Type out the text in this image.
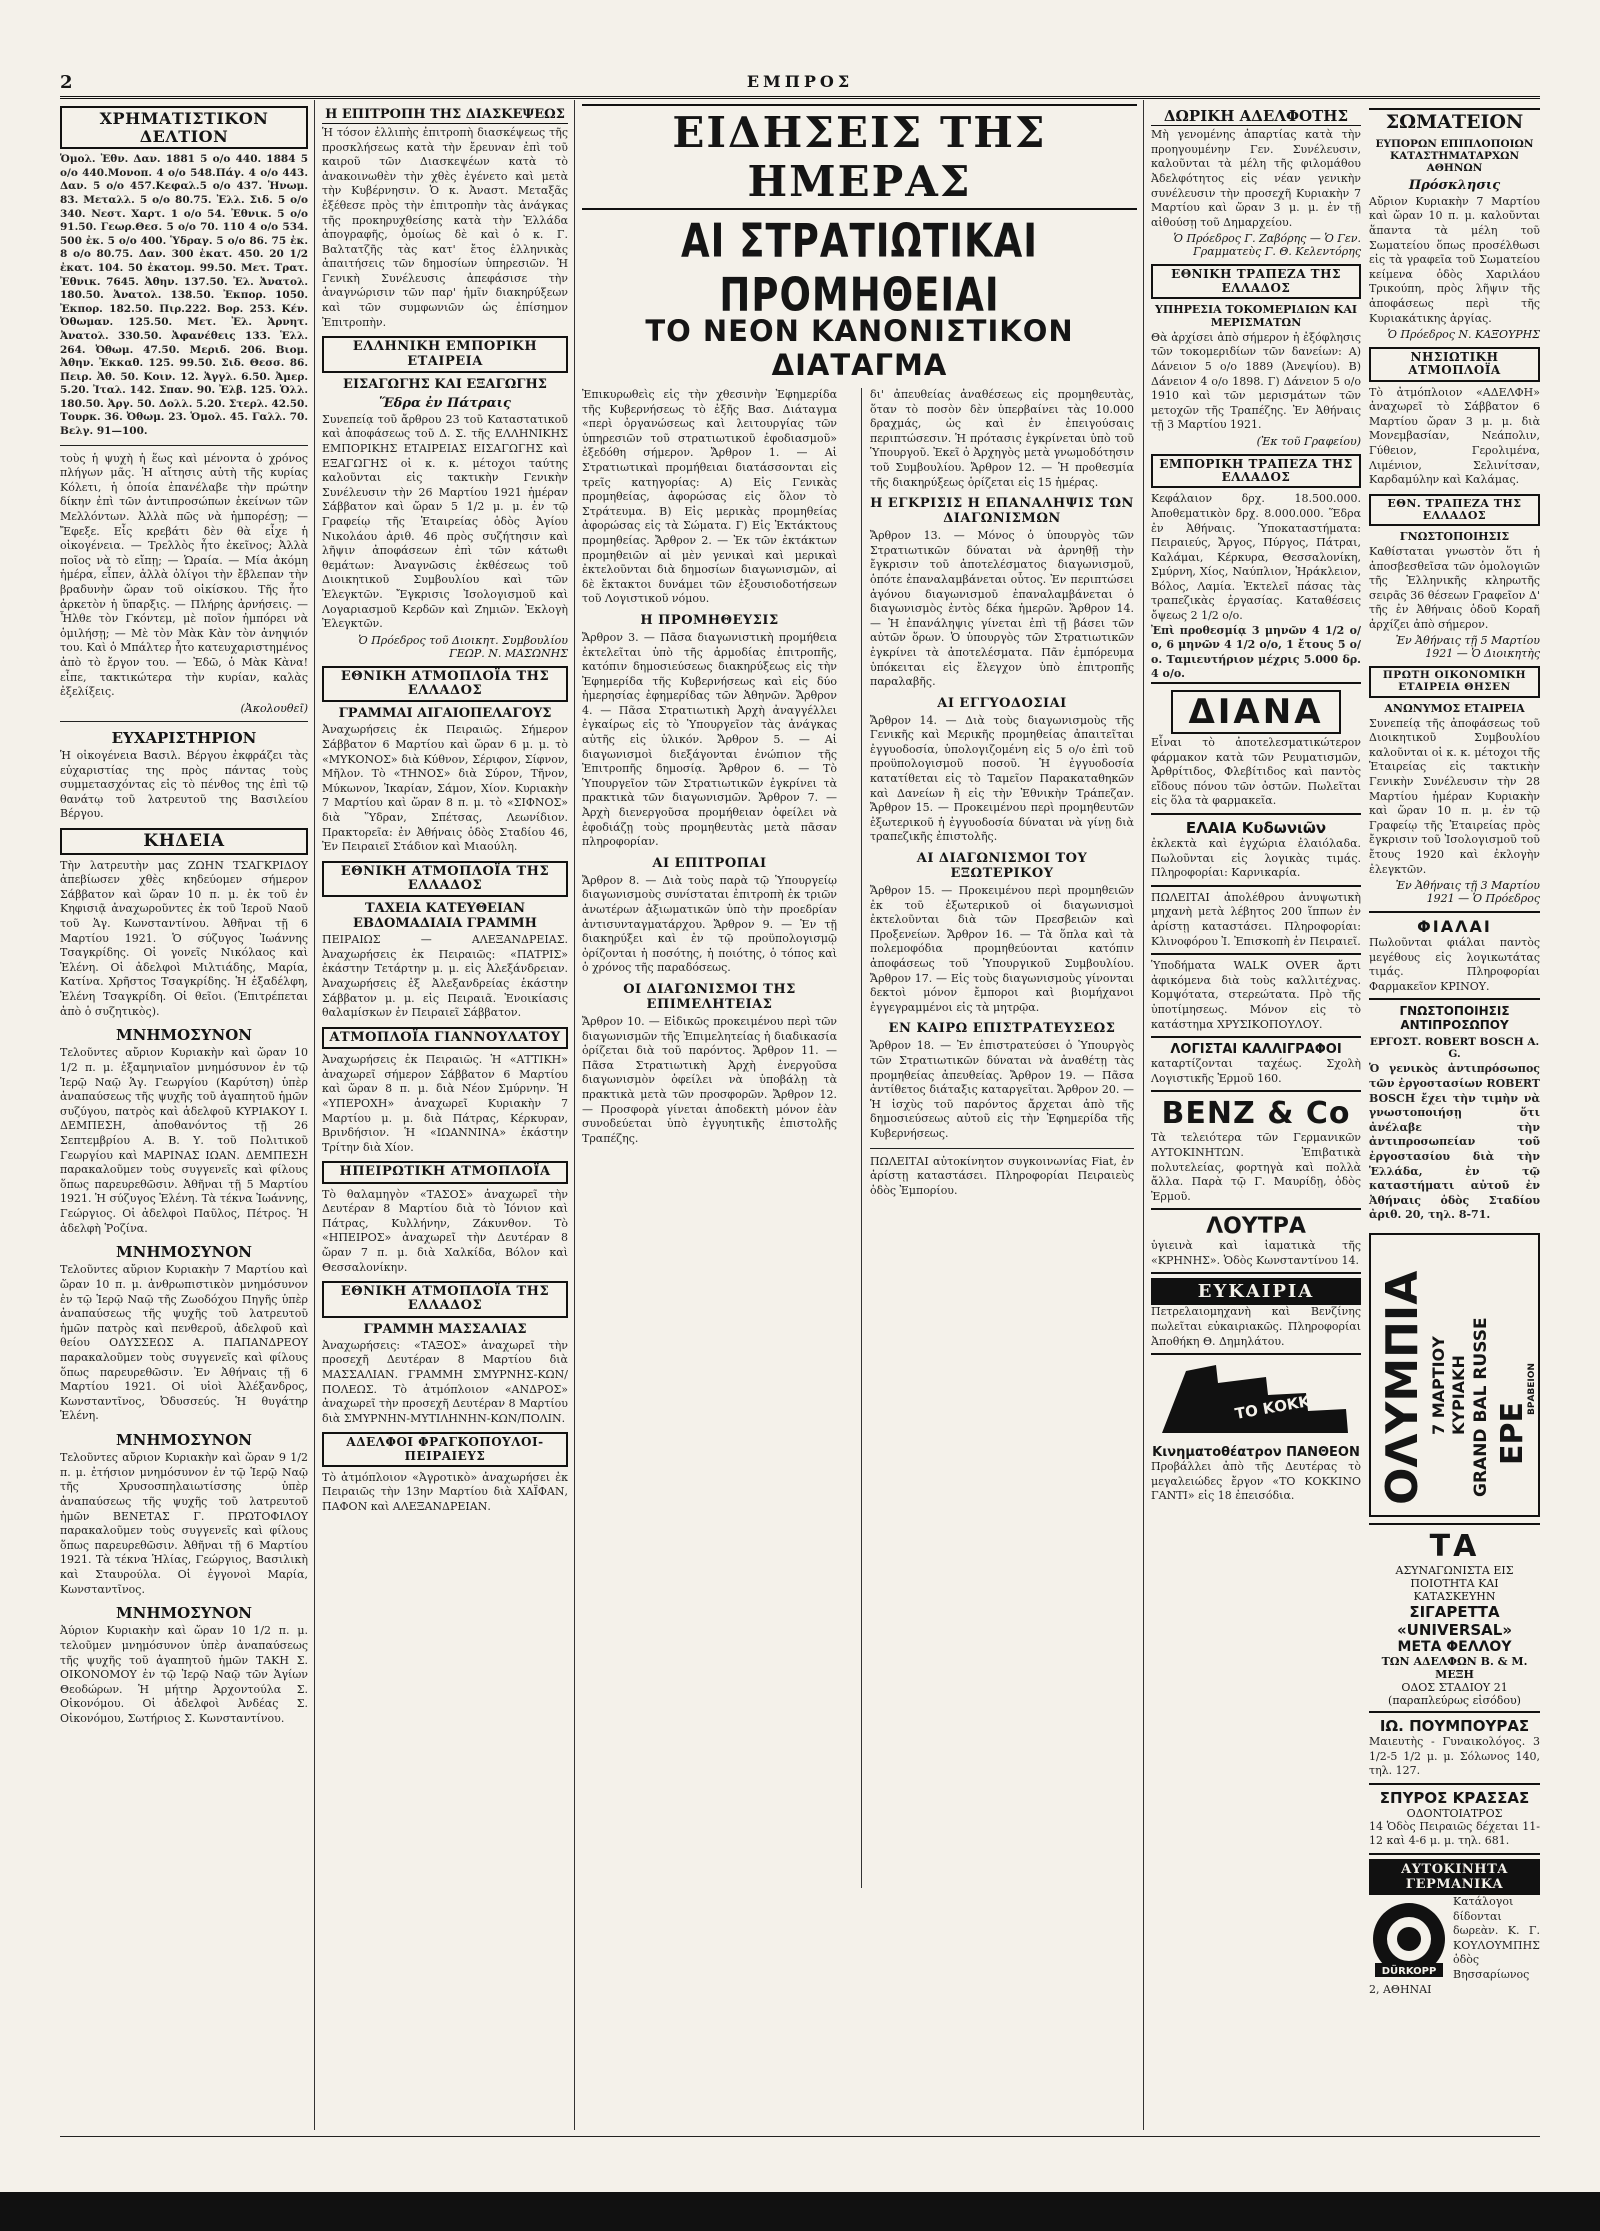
2	ΕΜΠΡΟΣ
ΧΡΗΜΑΤΙΣΤΙΚΟΝ ΔΕΛΤΙΟΝ

Ὁμολ. Ἐθν. Δαν. 1881 5 ο/ο 440. 1884 5 ο/ο 440.Μονοπ. 4 ο/ο 548.Πάγ. 4 ο/ο 443. Δαν. 5 ο/ο 457.Κεφαλ.5 ο/ο 437. Ἡνωμ. 83. Μεταλλ. 5 ο/ο 80.75. Ἐλλ. Σιδ. 5 ο/ο 340. Νεστ. Χαρτ. 1 ο/ο 54. Ἐθνικ. 5 ο/ο 91.50. Γεωρ.Θεσ. 5 ο/ο 70. 110 4 ο/ο 534. 500 ἐκ. 5 ο/ο 400. Ὑδραγ. 5 ο/ο 86. 75 ἐκ. 8 ο/ο 80.75. Δαν. 300 ἐκατ. 450. 20 1/2 ἐκατ. 104. 50 ἐκατομ. 99.50. Μετ. Τρατ. Ἐθνικ. 7645. Ἀθην. 137.50. Ἐλ. Ἀνατολ. 180.50. Ἀνατολ. 138.50. Ἐκπορ. 1050. Ἐκπορ. 182.50. Πιρ.222. Βορ. 253. Κέν. Ὀθωμαν. 125.50. Μετ. Ἐλ. Ἀρνητ. Ἀνατολ. 330.50. Ἀφανέθεις 133. Ἑλλ. 264. Ὀθωμ. 47.50. Μεριδ. 206. Βιομ. Ἀθην. Ἐκκαθ. 125. 99.50. Σιδ. Θεσσ. 86. Πειρ. Ἀθ. 50. Κοιν. 12. Ἀγγλ. 6.50. Ἀμερ. 5.20. Ἰταλ. 142. Σπαν. 90. Ἐλβ. 125. Ὁλλ. 180.50. Ἀργ. 50. Δολλ. 5.20. Στερλ. 42.50. Τουρκ. 36. Ὀθωμ. 23. Ὁμολ. 45. Γαλλ. 70. Βελγ. 91—100.

τοὺς ἡ ψυχὴ ἡ ἕως καὶ μένοντα ὁ χρόνος πλήγων μᾶς. Ἡ αἴτησις αὐτὴ τῆς κυρίας Κόλετι, ἡ ὁποία ἐπανέλαβε τὴν πρώτην δίκην ἐπὶ τῶν ἀντιπροσώπων ἐκείνων τῶν Μελλόντων. Ἀλλὰ πῶς νὰ ἠμπορέσῃ; — Ἔφεξε. Εἶς κρεβάτι δὲν θὰ εἶχε ἡ οἰκογένεια. — Τρελλὸς ἦτο ἐκεῖνος; Ἀλλὰ ποῖος νὰ τὸ εἴπῃ; — Ὡραία. — Μία ἀκόμη ἡμέρα, εἶπεν, ἀλλὰ ὀλίγοι τὴν ἔβλεπαν τὴν βραδυνὴν ὥραν τοῦ οἰκίσκου. Τῆς ἦτο ἀρκετὸν ἡ ὕπαρξις. — Πλήρης ἀρνήσεις. — Ἦλθε τὸν Γκόντεμ, μὲ ποῖον ἠμπόρει νὰ ὁμιλήσῃ; — Μὲ τὸν Μὰκ Κὰν τὸν ἀνηψιόν του. Καὶ ὁ Μπάλτερ ἦτο κατευχαριστημένος ἀπὸ τὸ ἔργον του. — Ἐδῶ, ὁ Μὰκ Κὰνα! εἶπε, τακτικώτερα τὴν κυρίαν, καλὰς ἐξελίξεις.

(Ἀκολουθεῖ)
ΕΥΧΑΡΙΣΤΗΡΙΟΝ

Ἡ οἰκογένεια Βασιλ. Βέργου ἐκφράζει τὰς εὐχαριστίας της πρὸς πάντας τοὺς συμμετασχόντας εἰς τὸ πένθος της ἐπὶ τῷ θανάτῳ τοῦ λατρευτοῦ της Βασιλείου Βέργου.

ΚΗΔΕΙΑ

Τὴν λατρευτὴν μας ΖΩΗΝ ΤΣΑΓΚΡΙΔΟΥ ἀπεβίωσεν χθὲς κηδεύομεν σήμερον Σάββατον καὶ ὥραν 10 π. μ. ἐκ τοῦ ἐν Κηφισιᾷ ἀναχωροῦντες ἐκ τοῦ Ἱεροῦ Ναοῦ τοῦ Ἁγ. Κωνσταντίνου. Ἀθῆναι τῇ 6 Μαρτίου 1921. Ὁ σύζυγος Ἰωάννης Τσαγκρίδης. Οἱ γονεῖς Νικόλαος καὶ Ἑλένη. Οἱ ἀδελφοὶ Μιλτιάδης, Μαρία, Κατίνα. Χρῆστος Τσαγκρίδης. Ἡ ἐξαδέλφη, Ἑλένη Τσαγκρίδη. Οἱ θεῖοι. (Ἐπιτρέπεται ἀπὸ ὁ συζητικὸς).

ΜΝΗΜΟΣΥΝΟΝ

Τελοῦντες αὔριον Κυριακὴν καὶ ὥραν 10 1/2 π. μ. ἐξαμηνιαῖον μνημόσυνον ἐν τῷ Ἱερῷ Ναῷ Ἁγ. Γεωργίου (Καρύτση) ὑπὲρ ἀναπαύσεως τῆς ψυχῆς τοῦ ἀγαπητοῦ ἡμῶν συζύγου, πατρὸς καὶ ἀδελφοῦ ΚΥΡΙΑΚΟΥ Ι. ΔΕΜΠΕΣΗ, ἀποθανόντος τῇ 26 Σεπτεμβρίου Α. Β. Υ. τοῦ Πολιτικοῦ Γεωργίου καὶ ΜΑΡΙΝΑΣ ΙΩΑΝ. ΔΕΜΠΕΣΗ παρακαλοῦμεν τοὺς συγγενεῖς καὶ φίλους ὅπως παρευρεθῶσιν. Ἀθῆναι τῇ 5 Μαρτίου 1921. Ἡ σύζυγος Ἑλένη. Τὰ τέκνα Ἰωάννης, Γεώργιος. Οἱ ἀδελφοὶ Παῦλος, Πέτρος. Ἡ ἀδελφὴ Ῥοζίνα.

ΜΝΗΜΟΣΥΝΟΝ

Τελοῦντες αὔριον Κυριακὴν 7 Μαρτίου καὶ ὥραν 10 π. μ. ἀνθρωπιστικὸν μνημόσυνον ἐν τῷ Ἱερῷ Ναῷ τῆς Ζωοδόχου Πηγῆς ὑπὲρ ἀναπαύσεως τῆς ψυχῆς τοῦ λατρευτοῦ ἡμῶν πατρὸς καὶ πενθεροῦ, ἀδελφοῦ καὶ θείου ΟΔΥΣΣΕΩΣ Α. ΠΑΠΑΝΔΡΕΟΥ παρακαλοῦμεν τοὺς συγγενεῖς καὶ φίλους ὅπως παρευρεθῶσιν. Ἐν Ἀθήναις τῇ 6 Μαρτίου 1921. Οἱ υἱοὶ Ἀλέξανδρος, Κωνσταντῖνος, Ὀδυσσεύς. Ἡ θυγάτηρ Ἑλένη.

ΜΝΗΜΟΣΥΝΟΝ

Τελοῦντες αὔριον Κυριακὴν καὶ ὥραν 9 1/2 π. μ. ἐτήσιον μνημόσυνον ἐν τῷ Ἱερῷ Ναῷ τῆς Χρυσοσπηλαιωτίσσης ὑπὲρ ἀναπαύσεως τῆς ψυχῆς τοῦ λατρευτοῦ ἡμῶν ΒΕΝΕΤΑΣ Γ. ΠΡΩΤΟΦΙΛΟΥ παρακαλοῦμεν τοὺς συγγενεῖς καὶ φίλους ὅπως παρευρεθῶσιν. Ἀθῆναι τῇ 6 Μαρτίου 1921. Τὰ τέκνα Ἡλίας, Γεώργιος, Βασιλικὴ καὶ Σταυρούλα. Οἱ ἐγγονοὶ Μαρία, Κωνσταντῖνος.

ΜΝΗΜΟΣΥΝΟΝ

Ἀύριον Κυριακὴν καὶ ὥραν 10 1/2 π. μ. τελοῦμεν μνημόσυνον ὑπὲρ ἀναπαύσεως τῆς ψυχῆς τοῦ ἀγαπητοῦ ἡμῶν ΤΑΚΗ Σ. ΟΙΚΟΝΟΜΟΥ ἐν τῷ Ἱερῷ Ναῷ τῶν Ἁγίων Θεοδώρων. Ἡ μήτηρ Ἀρχοντούλα Σ. Οἰκονόμου. Οἱ ἀδελφοὶ Ἀνδέας Σ. Οἰκονόμου, Σωτήριος Σ. Κωνσταντίνου.

Η ΕΠΙΤΡΟΠΗ ΤΗΣ ΔΙΑΣΚΕΨΕΩΣ

Ἡ τόσον ἐλλιπὴς ἐπιτροπὴ διασκέψεως τῆς προσκλήσεως κατὰ τὴν ἔρευναν ἐπὶ τοῦ καιροῦ τῶν Διασκεψέων κατὰ τὸ ἀνακοινωθὲν τὴν χθὲς ἐγένετο καὶ μετὰ τὴν Κυβέρνησιν. Ὁ κ. Ἀναστ. Μεταξᾶς ἐξέθεσε πρὸς τὴν ἐπιτροπὴν τὰς ἀνάγκας τῆς προκηρυχθείσης κατὰ τὴν Ἐλλάδα ἀπογραφῆς, ὁμοίως δὲ καὶ ὁ κ. Γ. Βαλτατζῆς τὰς κατ' ἔτος ἑλληνικὰς ἀπαιτήσεις τῶν δημοσίων ὑπηρεσιῶν. Ἡ Γενικὴ Συνέλευσις ἀπεφάσισε τὴν ἀναγνώρισιν τῶν παρ' ἡμῖν διακηρύξεων καὶ τῶν συμφωνιῶν ὡς ἐπίσημον Ἐπιτροπὴν.

ΕΛΛΗΝΙΚΗ ΕΜΠΟΡΙΚΗ ΕΤΑΙΡΕΙΑ
ΕΙΣΑΓΩΓΗΣ ΚΑΙ ΕΞΑΓΩΓΗΣ
Ἕδρα ἐν Πάτραις

Συνεπείᾳ τοῦ ἄρθρου 23 τοῦ Καταστατικοῦ καὶ ἀποφάσεως τοῦ Δ. Σ. τῆς ΕΛΛΗΝΙΚΗΣ ΕΜΠΟΡΙΚΗΣ ΕΤΑΙΡΕΙΑΣ ΕΙΣΑΓΩΓΗΣ καὶ ΕΞΑΓΩΓΗΣ οἱ κ. κ. μέτοχοι ταύτης καλοῦνται εἰς τακτικὴν Γενικὴν Συνέλευσιν τὴν 26 Μαρτίου 1921 ἡμέραν Σάββατον καὶ ὥραν 5 1/2 μ. μ. ἐν τῷ Γραφείῳ τῆς Ἑταιρείας ὁδὸς Ἀγίου Νικολάου ἀριθ. 46 πρὸς συζήτησιν καὶ λῆψιν ἀποφάσεων ἐπὶ τῶν κάτωθι θεμάτων: Ἀναγνῶσις ἐκθέσεως τοῦ Διοικητικοῦ Συμβουλίου καὶ τῶν Ἐλεγκτῶν. Ἔγκρισις Ἰσολογισμοῦ καὶ Λογαριασμοῦ Κερδῶν καὶ Ζημιῶν. Ἐκλογὴ Ἐλεγκτῶν.

Ὁ Πρόεδρος τοῦ Διοικητ. Συμβουλίου ΓΕΩΡ. Ν. ΜΑΣΩΝΗΣ
ΕΘΝΙΚΗ ΑΤΜΟΠΛΟΪΑ ΤΗΣ ΕΛΛΑΔΟΣ
ΓΡΑΜΜΑΙ ΑΙΓΑΙΟΠΕΛΑΓΟΥΣ

Ἀναχωρήσεις ἐκ Πειραιῶς. Σήμερον Σάββατον 6 Μαρτίου καὶ ὥραν 6 μ. μ. τὸ «ΜΥΚΟΝΟΣ» διὰ Κύθνον, Σέριφον, Σίφνον, Μῆλον. Τὸ «ΤΗΝΟΣ» διὰ Σύρον, Τῆνον, Μύκωνον, Ἰκαρίαν, Σάμον, Χίον. Κυριακὴν 7 Μαρτίου καὶ ὥραν 8 π. μ. τὸ «ΣΙΦΝΟΣ» διὰ Ὕδραν, Σπέτσας, Λεωνίδιον. Πρακτορεῖα: ἐν Ἀθήναις ὁδὸς Σταδίου 46, Ἐν Πειραιεῖ Στάδιον καὶ Μιαούλη.

ΕΘΝΙΚΗ ΑΤΜΟΠΛΟΪΑ ΤΗΣ ΕΛΛΑΔΟΣ
ΤΑΧΕΙΑ ΚΑΤΕΥΘΕΙΑΝ ΕΒΔΟΜΑΔΙΑΙΑ ΓΡΑΜΜΗ

ΠΕΙΡΑΙΩΣ — ΑΛΕΞΑΝΔΡΕΙΑΣ. Ἀναχωρήσεις ἐκ Πειραιῶς: «ΠΑΤΡΙΣ» ἐκάστην Τετάρτην μ. μ. εἰς Ἀλεξάνδρειαν. Ἀναχωρήσεις ἐξ Ἀλεξανδρείας ἑκάστην Σάββατον μ. μ. εἰς Πειραιᾶ. Ἐνοικίασις θαλαμίσκων ἐν Πειραιεῖ Σάββατον.

ΑΤΜΟΠΛΟΪΑ ΓΙΑΝΝΟΥΛΑΤΟΥ

Ἀναχωρήσεις ἐκ Πειραιῶς. Ἡ «ΑΤΤΙΚΗ» ἀναχωρεῖ σήμερον Σάββατον 6 Μαρτίου καὶ ὥραν 8 π. μ. διὰ Νέον Σμύρνην. Ἡ «ΥΠΕΡΟΧΗ» ἀναχωρεῖ Κυριακὴν 7 Μαρτίου μ. μ. διὰ Πάτρας, Κέρκυραν, Βρινδήσιον. Ἡ «ΙΩΑΝΝΙΝΑ» ἑκάστην Τρίτην διὰ Χίον.

ΗΠΕΙΡΩΤΙΚΗ ΑΤΜΟΠΛΟΪΑ

Τὸ θαλαμηγὸν «ΤΑΣΟΣ» ἀναχωρεῖ τὴν Δευτέραν 8 Μαρτίου διὰ τὸ Ἰόνιον καὶ Πάτρας, Κυλλήνην, Ζάκυνθον. Τὸ «ΗΠΕΙΡΟΣ» ἀναχωρεῖ τὴν Δευτέραν 8 ὥραν 7 π. μ. διὰ Χαλκίδα, Βόλον καὶ Θεσσαλονίκην.

ΕΘΝΙΚΗ ΑΤΜΟΠΛΟΪΑ ΤΗΣ ΕΛΛΑΔΟΣ
ΓΡΑΜΜΗ ΜΑΣΣΑΛΙΑΣ

Ἀναχωρήσεις: «ΤΑΞΟΣ» ἀναχωρεῖ τὴν προσεχῆ Δευτέραν 8 Μαρτίου διὰ ΜΑΣΣΑΛΙΑΝ. ΓΡΑΜΜΗ ΣΜΥΡΝΗΣ-ΚΩΝ/ΠΟΛΕΩΣ. Τὸ ἀτμόπλοιον «ΑΝΔΡΟΣ» ἀναχωρεῖ τὴν προσεχῆ Δευτέραν 8 Μαρτίου διὰ ΣΜΥΡΝΗΝ-ΜΥΤΙΛΗΝΗΝ-ΚΩΝ/ΠΟΛΙΝ.

ΑΔΕΛΦΟΙ ΦΡΑΓΚΟΠΟΥΛΟΙ-ΠΕΙΡΑΙΕΥΣ

Τὸ ἀτμόπλοιον «Ἀγροτικὸ» ἀναχωρήσει ἐκ Πειραιῶς τὴν 13ην Μαρτίου διὰ ΧΑΪΦΑΝ, ΠΑΦΟΝ καὶ ΑΛΕΞΑΝΔΡΕΙΑΝ.

ΕΙΔΗΣΕΙΣ ΤΗΣ ΗΜΕΡΑΣ
ΑΙ ΣΤΡΑΤΙΩΤΙΚΑΙ ΠΡΟΜΗΘΕΙΑΙ
ΤΟ ΝΕΟΝ ΚΑΝΟΝΙΣΤΙΚΟΝ ΔΙΑΤΑΓΜΑ

Ἐπικυρωθεὶς εἰς τὴν χθεσινὴν Ἐφημερίδα τῆς Κυβερνήσεως τὸ ἐξῆς Βασ. Διάταγμα «περὶ ὀργανώσεως καὶ λειτουργίας τῶν ὑπηρεσιῶν τοῦ στρατιωτικοῦ ἐφοδιασμοῦ» ἐξεδόθη σήμερον. Ἄρθρον 1. — Αἱ Στρατιωτικαὶ προμήθειαι διατάσσονται εἰς τρεῖς κατηγορίας: Α) Εἰς Γενικὰς προμηθείας, ἀφορώσας εἰς ὅλον τὸ Στράτευμα. Β) Εἰς μερικὰς προμηθείας ἀφορώσας εἰς τὰ Σώματα. Γ) Εἰς Ἐκτάκτους προμηθείας. Ἄρθρον 2. — Ἐκ τῶν ἐκτάκτων προμηθειῶν αἱ μὲν γενικαὶ καὶ μερικαὶ ἐκτελοῦνται διὰ δημοσίων διαγωνισμῶν, αἱ δὲ ἔκτακτοι δυνάμει τῶν ἐξουσιοδοτήσεων τοῦ Λογιστικοῦ νόμου.

Η ΠΡΟΜΗΘΕΥΣΙΣ

Ἄρθρον 3. — Πᾶσα διαγωνιστικὴ προμήθεια ἐκτελεῖται ὑπὸ τῆς ἁρμοδίας ἐπιτροπῆς, κατόπιν δημοσιεύσεως διακηρύξεως εἰς τὴν Ἐφημερίδα τῆς Κυβερνήσεως καὶ εἰς δύο ἡμερησίας ἐφημερίδας τῶν Ἀθηνῶν. Ἄρθρον 4. — Πᾶσα Στρατιωτικὴ Ἀρχὴ ἀναγγέλλει ἐγκαίρως εἰς τὸ Ὑπουργεῖον τὰς ἀνάγκας αὐτῆς εἰς ὑλικόν. Ἄρθρον 5. — Αἱ διαγωνισμοὶ διεξάγονται ἐνώπιον τῆς Ἐπιτροπῆς δημοσίᾳ. Ἄρθρον 6. — Τὸ Ὑπουργεῖον τῶν Στρατιωτικῶν ἐγκρίνει τὰ πρακτικὰ τῶν διαγωνισμῶν. Ἄρθρον 7. — Ἀρχὴ διενεργοῦσα προμήθειαν ὀφείλει νὰ ἐφοδιάζῃ τοὺς προμηθευτὰς μετὰ πᾶσαν πληροφορίαν.

ΑΙ ΕΠΙΤΡΟΠΑΙ

Ἄρθρον 8. — Διὰ τοὺς παρὰ τῷ Ὑπουργείῳ διαγωνισμοὺς συνίσταται ἐπιτροπὴ ἐκ τριῶν ἀνωτέρων ἀξιωματικῶν ὑπὸ τὴν προεδρίαν ἀντισυνταγματάρχου. Ἄρθρον 9. — Ἐν τῇ διακηρύξει καὶ ἐν τῷ προϋπολογισμῷ ὀρίζονται ἡ ποσότης, ἡ ποιότης, ὁ τόπος καὶ ὁ χρόνος τῆς παραδόσεως.

ΟΙ ΔΙΑΓΩΝΙΣΜΟΙ ΤΗΣ ΕΠΙΜΕΛΗΤΕΙΑΣ

Ἄρθρον 10. — Εἰδικῶς προκειμένου περὶ τῶν διαγωνισμῶν τῆς Ἐπιμελητείας ἡ διαδικασία ὁρίζεται διὰ τοῦ παρόντος. Ἄρθρον 11. — Πᾶσα Στρατιωτικὴ Ἀρχὴ ἐνεργοῦσα διαγωνισμὸν ὀφείλει νὰ ὑποβάλῃ τὰ πρακτικὰ μετὰ τῶν προσφορῶν. Ἄρθρον 12. — Προσφορὰ γίνεται ἀποδεκτὴ μόνον ἐὰν συνοδεύεται ὑπὸ ἐγγυητικῆς ἐπιστολῆς Τραπέζης.

δι' ἀπευθείας ἀναθέσεως εἰς προμηθευτὰς, ὅταν τὸ ποσὸν δὲν ὑπερβαίνει τὰς 10.000 δραχμάς, ὡς καὶ ἐν ἐπειγούσαις περιπτώσεσιν. Ἡ πρότασις ἐγκρίνεται ὑπὸ τοῦ Ὑπουργοῦ. Ἐκεῖ ὁ Ἀρχηγὸς μετὰ γνωμοδότησιν τοῦ Συμβουλίου. Ἄρθρον 12. — Ἡ προθεσμία τῆς διακηρύξεως ὁρίζεται εἰς 15 ἡμέρας.

Η ΕΓΚΡΙΣΙΣ Η ΕΠΑΝΑΛΗΨΙΣ ΤΩΝ ΔΙΑΓΩΝΙΣΜΩΝ

Ἄρθρον 13. — Μόνος ὁ ὑπουργὸς τῶν Στρατιωτικῶν δύναται νὰ ἀρνηθῇ τὴν ἔγκρισιν τοῦ ἀποτελέσματος διαγωνισμοῦ, ὁπότε ἐπαναλαμβάνεται οὗτος. Ἐν περιπτώσει ἀγόνου διαγωνισμοῦ ἐπαναλαμβάνεται ὁ διαγωνισμὸς ἐντὸς δέκα ἡμερῶν. Ἄρθρον 14. — Ἡ ἐπανάληψις γίνεται ἐπὶ τῇ βάσει τῶν αὐτῶν ὅρων. Ὁ ὑπουργὸς τῶν Στρατιωτικῶν ἐγκρίνει τὰ ἀποτελέσματα. Πᾶν ἐμπόρευμα ὑπόκειται εἰς ἔλεγχον ὑπὸ ἐπιτροπῆς παραλαβῆς.

ΑΙ ΕΓΓΥΟΔΟΣΙΑΙ

Ἄρθρον 14. — Διὰ τοὺς διαγωνισμοὺς τῆς Γενικῆς καὶ Μερικῆς προμηθείας ἀπαιτεῖται ἐγγυοδοσία, ὑπολογιζομένη εἰς 5 ο/ο ἐπὶ τοῦ προϋπολογισμοῦ ποσοῦ. Ἡ ἐγγυοδοσία κατατίθεται εἰς τὸ Ταμεῖον Παρακαταθηκῶν καὶ Δανείων ἢ εἰς τὴν Ἐθνικὴν Τράπεζαν. Ἄρθρον 15. — Προκειμένου περὶ προμηθευτῶν ἐξωτερικοῦ ἡ ἐγγυοδοσία δύναται νὰ γίνῃ διὰ τραπεζικῆς ἐπιστολῆς.

ΑΙ ΔΙΑΓΩΝΙΣΜΟΙ ΤΟΥ ΕΞΩΤΕΡΙΚΟΥ

Ἄρθρον 15. — Προκειμένου περὶ προμηθειῶν ἐκ τοῦ ἐξωτερικοῦ οἱ διαγωνισμοὶ ἐκτελοῦνται διὰ τῶν Πρεσβειῶν καὶ Προξενείων. Ἄρθρον 16. — Τὰ ὅπλα καὶ τὰ πολεμοφόδια προμηθεύονται κατόπιν ἀποφάσεως τοῦ Ὑπουργικοῦ Συμβουλίου. Ἄρθρον 17. — Εἰς τοὺς διαγωνισμοὺς γίνονται δεκτοὶ μόνον ἔμποροι καὶ βιομήχανοι ἐγγεγραμμένοι εἰς τὰ μητρῷα.

ΕΝ ΚΑΙΡΩ ΕΠΙΣΤΡΑΤΕΥΣΕΩΣ

Ἄρθρον 18. — Ἐν ἐπιστρατεύσει ὁ Ὑπουργὸς τῶν Στρατιωτικῶν δύναται νὰ ἀναθέτῃ τὰς προμηθείας ἀπευθείας. Ἄρθρον 19. — Πᾶσα ἀντίθετος διάταξις καταργεῖται. Ἄρθρον 20. — Ἡ ἰσχὺς τοῦ παρόντος ἄρχεται ἀπὸ τῆς δημοσιεύσεως αὐτοῦ εἰς τὴν Ἐφημερίδα τῆς Κυβερνήσεως.

ΠΩΛΕΙΤΑΙ αὐτοκίνητον συγκοινωνίας Fiat, ἐν ἀρίστῃ καταστάσει. Πληροφορίαι Πειραιεὺς ὁδὸς Ἐμπορίου.

ΔΩΡΙΚΗ ΑΔΕΛΦΟΤΗΣ

Μὴ γενομένης ἀπαρτίας κατὰ τὴν προηγουμένην Γεν. Συνέλευσιν, καλοῦνται τὰ μέλη τῆς φιλομάθου Ἀδελφότητος εἰς νέαν γενικὴν συνέλευσιν τὴν προσεχῆ Κυριακὴν 7 Μαρτίου καὶ ὥραν 3 μ. μ. ἐν τῇ αἰθούσῃ τοῦ Δημαρχείου.

Ὁ Πρόεδρος Γ. Ζαβόρης — Ὁ Γεν. Γραμματεὺς Γ. Θ. Κελεντόρης
ΕΘΝΙΚΗ ΤΡΑΠΕΖΑ ΤΗΣ ΕΛΛΑΔΟΣ
ΥΠΗΡΕΣΙΑ ΤΟΚΟΜΕΡΙΔΙΩΝ ΚΑΙ ΜΕΡΙΣΜΑΤΩΝ

Θὰ ἀρχίσει ἀπὸ σήμερον ἡ ἐξόφλησις τῶν τοκομεριδίων τῶν δανείων: Α) Δάνειον 5 ο/ο 1889 (Ἀνεψίου). Β) Δάνειον 4 ο/ο 1898. Γ) Δάνειον 5 ο/ο 1910 καὶ τῶν μερισμάτων τῶν μετοχῶν τῆς Τραπέζης. Ἐν Ἀθήναις τῇ 3 Μαρτίου 1921.

(Ἐκ τοῦ Γραφείου)
ΕΜΠΟΡΙΚΗ ΤΡΑΠΕΖΑ ΤΗΣ ΕΛΛΑΔΟΣ

Κεφάλαιον δρχ. 18.500.000. Ἀποθεματικὸν δρχ. 8.000.000. Ἕδρα ἐν Ἀθήναις. Ὑποκαταστήματα: Πειραιεύς, Ἄργος, Πύργος, Πάτραι, Καλάμαι, Κέρκυρα, Θεσσαλονίκη, Σμύρνη, Χίος, Ναύπλιον, Ἡράκλειον, Βόλος, Λαμία. Ἐκτελεῖ πάσας τὰς τραπεζικὰς ἐργασίας. Καταθέσεις ὄψεως 2 1/2 ο/ο.

Ἐπὶ προθεσμίᾳ 3 μηνῶν 4 1/2 ο/ο, 6 μηνῶν 4 1/2 ο/ο, 1 ἔτους 5 ο/ο. Ταμιευτήριον μέχρις 5.000 δρ. 4 ο/ο.

ΔΙΑΝΑ

Εἶναι τὸ ἀποτελεσματικώτερον φάρμακον κατὰ τῶν Ρευματισμῶν, Ἀρθρίτιδος, Φλεβίτιδος καὶ παντὸς εἴδους πόνου τῶν ὀστῶν. Πωλεῖται εἰς ὅλα τὰ φαρμακεῖα.

ΕΛΑΙΑ Κυδωνιῶν

ἐκλεκτὰ καὶ ἐγχώρια ἐλαιόλαδα. Πωλοῦνται εἰς λογικὰς τιμάς. Πληροφορίαι: Καρνικαρία.

ΠΩΛΕΙΤΑΙ ἀπολέθρου ἀνυψωτικὴ μηχανὴ μετὰ λέβητος 200 ἵππων ἐν ἀρίστῃ καταστάσει. Πληροφορίαι: Κλινοφόρου Ἰ. Ἐπισκοπὴ ἐν Πειραιεῖ.

Ὑποδήματα WALK OVER ἄρτι ἀφικόμενα διὰ τοὺς καλλιτέχνας. Κομψότατα, στερεώτατα. Πρὸ τῆς ὑποτίμησεως. Μόνον εἰς τὸ κατάστημα ΧΡΥΣΙΚΟΠΟΥΛΟΥ.

ΛΟΓΙΣΤΑΙ ΚΑΛΛΙΓΡΑΦΟΙ

καταρτίζονται ταχέως. Σχολὴ Λογιστικῆς Ἑρμοῦ 160.

BENZ & Co

Τὰ τελειότερα τῶν Γερμανικῶν ΑΥΤΟΚΙΝΗΤΩΝ. Ἐπιβατικὰ πολυτελείας, φορτηγὰ καὶ πολλὰ ἄλλα. Παρὰ τῷ Γ. Μαυρίδῃ, ὁδὸς Ἐρμοῦ.

ΛΟΥΤΡΑ

ὑγιεινὰ καὶ ἰαματικὰ τῆς «ΚΡΗΝΗΣ». Ὁδὸς Κωνσταντίνου 14.

ΕΥΚΑΙΡΙΑ

Πετρελαιομηχανὴ καὶ Βενζίνης πωλεῖται εὐκαιριακῶς. Πληροφορίαι Ἀποθήκη Θ. Δημηλάτου.

ΤΟ ΚΟΚΚΙΝΟ ΓΑΝΤΙ
Κινηματοθέατρον ΠΑΝΘΕΟΝ

Προβάλλει ἀπὸ τῆς Δευτέρας τὸ μεγαλειώδες ἔργον «ΤΟ ΚΟΚΚΙΝΟ ΓΑΝΤΙ» εἰς 18 ἐπεισόδια.

ΣΩΜΑΤΕΙΟΝ
ΕΥΠΟΡΩΝ ΕΠΙΠΛΟΠΟΙΩΝ ΚΑΤΑΣΤΗΜΑΤΑΡΧΩΝ ΑΘΗΝΩΝ
Πρόσκλησις

Αὔριον Κυριακὴν 7 Μαρτίου καὶ ὥραν 10 π. μ. καλοῦνται ἅπαντα τὰ μέλη τοῦ Σωματείου ὅπως προσέλθωσι εἰς τὰ γραφεῖα τοῦ Σωματείου κείμενα ὁδὸς Χαριλάου Τρικούπη, πρὸς λῆψιν τῆς ἀποφάσεως περὶ τῆς Κυριακάτικης ἀργίας.

Ὁ Πρόεδρος Ν. ΚΑΞΟΥΡΗΣ
ΝΗΣΙΩΤΙΚΗ ΑΤΜΟΠΛΟΪΑ

Τὸ ἀτμόπλοιον «ΑΔΕΛΦΗ» ἀναχωρεῖ τὸ Σάββατον 6 Μαρτίου ὥραν 3 μ. μ. διὰ Μονεμβασίαν, Νεάπολιν, Γύθειον, Γερολιμένα, Λιμένιον, Σελινίτσαν, Καρδαμύλην καὶ Καλάμας.

ΕΘΝ. ΤΡΑΠΕΖΑ ΤΗΣ ΕΛΛΑΔΟΣ
ΓΝΩΣΤΟΠΟΙΗΣΙΣ

Καθίσταται γνωστὸν ὅτι ἡ ἀποσβεσθεῖσα τῶν ὁμολογιῶν τῆς Ἑλληνικῆς κληρωτῆς σειρᾶς 36 θέσεων Γραφεῖον Δ' τῆς ἐν Ἀθήναις ὁδοῦ Κοραῆ ἀρχίζει ἀπὸ σήμερον.

Ἐν Ἀθήναις τῇ 5 Μαρτίου 1921 — Ὁ Διοικητὴς
ΠΡΩΤΗ ΟΙΚΟΝΟΜΙΚΗ ΕΤΑΙΡΕΙΑ ΘΗΣΕΝ
ΑΝΩΝΥΜΟΣ ΕΤΑΙΡΕΙΑ

Συνεπείᾳ τῆς ἀποφάσεως τοῦ Διοικητικοῦ Συμβουλίου καλοῦνται οἱ κ. κ. μέτοχοι τῆς Ἑταιρείας εἰς τακτικὴν Γενικὴν Συνέλευσιν τὴν 28 Μαρτίου ἡμέραν Κυριακὴν καὶ ὥραν 10 π. μ. ἐν τῷ Γραφείῳ τῆς Ἑταιρείας πρὸς ἔγκρισιν τοῦ Ἰσολογισμοῦ τοῦ ἔτους 1920 καὶ ἐκλογὴν ἐλεγκτῶν.

Ἐν Ἀθήναις τῇ 3 Μαρτίου 1921 — Ὁ Πρόεδρος
ΦΙΑΛΑΙ

Πωλοῦνται φιάλαι παντὸς μεγέθους εἰς λογικωτάτας τιμάς. Πληροφορίαι Φαρμακεῖον ΚΡΙΝΟΥ.

ΓΝΩΣΤΟΠΟΙΗΣΙΣ ΑΝΤΙΠΡΟΣΩΠΟΥ
ΕΡΓΟΣΤ. ROBERT BOSCH A. G.

Ὁ γενικὸς ἀντιπρόσωπος τῶν ἐργοστασίων ROBERT BOSCH ἔχει τὴν τιμὴν νὰ γνωστοποιήσῃ ὅτι ἀνέλαβε τὴν ἀντιπροσωπείαν τοῦ ἐργοστασίου διὰ τὴν Ἑλλάδα, ἐν τῷ καταστήματι αὐτοῦ ἐν Ἀθήναις ὁδὸς Σταδίου ἀριθ. 20, τηλ. 8-71.

ΟΛΥΜΠΙΑ 7 ΜΑΡΤΙΟΥ ΚΥΡΙΑΚΗ GRAND BAL RUSSE ΕΡΕ
ΒΡΑΒΕΙΟΝ
ΤΑ
ΑΣΥΝΑΓΩΝΙΣΤΑ ΕΙΣ ΠΟΙΟΤΗΤΑ ΚΑΙ ΚΑΤΑΣΚΕΥΗΝ
ΣΙΓΑΡΕΤΤΑ «UNIVERSAL»
ΜΕΤΑ ΦΕΛΛΟΥ
ΤΩΝ ΑΔΕΛΦΩΝ Β. & Μ. ΜΕΞΗ
ΟΔΟΣ ΣΤΑΔΙΟΥ 21 (παραπλεύρως εἰσόδου)
ΙΩ. ΠΟΥΜΠΟΥΡΑΣ

Μαιευτὴς - Γυναικολόγος. 3 1/2-5 1/2 μ. μ. Σόλωνος 140, τηλ. 127.

ΣΠΥΡΟΣ ΚΡΑΣΣΑΣ
ΟΔΟΝΤΟΙΑΤΡΟΣ

14 Ὁδὸς Πειραιῶς δέχεται 11-12 καὶ 4-6 μ. μ. τηλ. 681.

ΑΥΤΟΚΙΝΗΤΑ ΓΕΡΜΑΝΙΚΑ
DÜRKOPP

Κατάλογοι δίδονται δωρεὰν. Κ. Γ. ΚΟΥΛΟΥΜΠΗΣ ὁδὸς Βησσαρίωνος 2, ΑΘΗΝΑΙ
